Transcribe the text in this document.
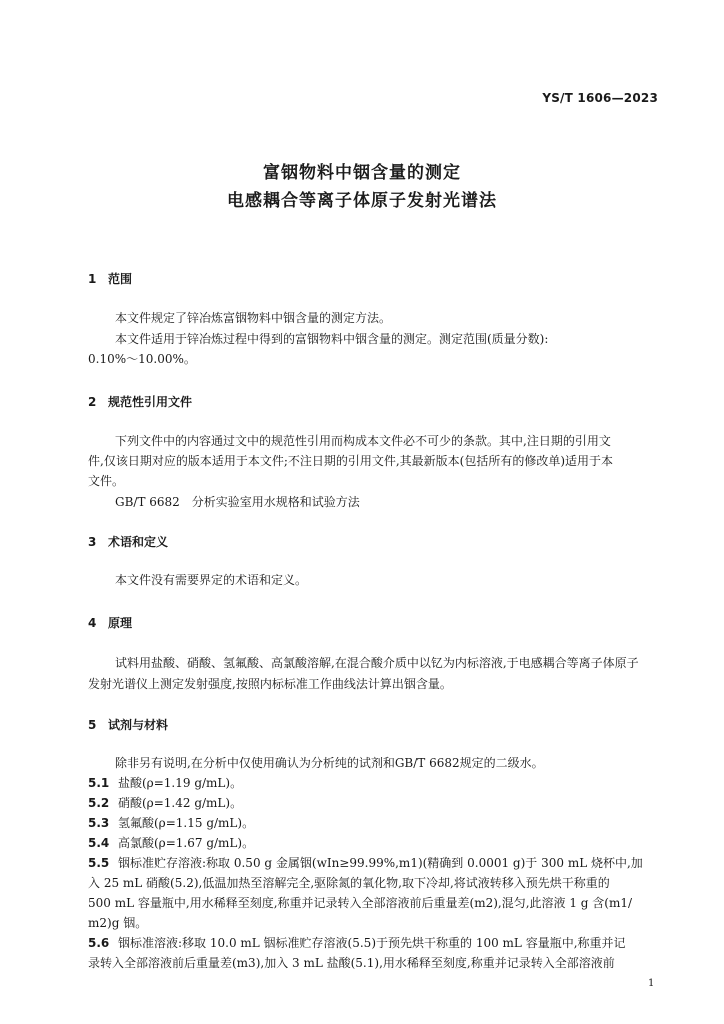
YS/T 1606—2023
富铟物料中铟含量的测定
电感耦合等离子体原子发射光谱法
1 范围
本文件规定了锌冶炼富铟物料中铟含量的测定方法。
本文件适用于锌冶炼过程中得到的富铟物料中铟含量的测定。测定范围(质量分数):
0.10%～10.00%。
2 规范性引用文件
下列文件中的内容通过文中的规范性引用而构成本文件必不可少的条款。其中,注日期的引用文
件,仅该日期对应的版本适用于本文件;不注日期的引用文件,其最新版本(包括所有的修改单)适用于本
文件。
GB/T 6682　分析实验室用水规格和试验方法
3 术语和定义
本文件没有需要界定的术语和定义。
4 原理
试料用盐酸、硝酸、氢氟酸、高氯酸溶解,在混合酸介质中以钇为内标溶液,于电感耦合等离子体原子
发射光谱仪上测定发射强度,按照内标标准工作曲线法计算出铟含量。
5 试剂与材料
除非另有说明,在分析中仅使用确认为分析纯的试剂和GB/T 6682规定的二级水。
5.1 盐酸(ρ=1.19 g/mL)。
5.2 硝酸(ρ=1.42 g/mL)。
5.3 氢氟酸(ρ=1.15 g/mL)。
5.4 高氯酸(ρ=1.67 g/mL)。
5.5 铟标准贮存溶液:称取 0.50 g 金属铟(wIn≥99.99%,m1)(精确到 0.0001 g)于 300 mL 烧杯中,加
入 25 mL 硝酸(5.2),低温加热至溶解完全,驱除氮的氧化物,取下冷却,将试液转移入预先烘干称重的
500 mL 容量瓶中,用水稀释至刻度,称重并记录转入全部溶液前后重量差(m2),混匀,此溶液 1 g 含(m1/
m2)g 铟。
5.6 铟标准溶液:移取 10.0 mL 铟标准贮存溶液(5.5)于预先烘干称重的 100 mL 容量瓶中,称重并记
录转入全部溶液前后重量差(m3),加入 3 mL 盐酸(5.1),用水稀释至刻度,称重并记录转入全部溶液前
1
